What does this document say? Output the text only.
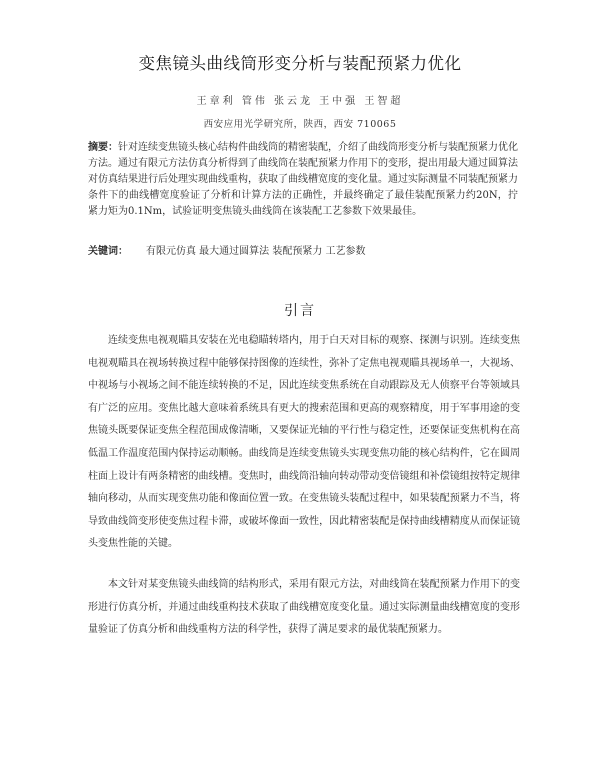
变焦镜头曲线筒形变分析与装配预紧力优化
王章利 管伟 张云龙 王中强 王智超
西安应用光学研究所，陕西，西安 710065
摘要：针对连续变焦镜头核心结构件曲线筒的精密装配，介绍了曲线筒形变分析与装配预紧力优化方法。通过有限元方法仿真分析得到了曲线筒在装配预紧力作用下的变形，提出用最大通过圆算法对仿真结果进行后处理实现曲线重构，获取了曲线槽宽度的变化量。通过实际测量不同装配预紧力条件下的曲线槽宽度验证了分析和计算方法的正确性，并最终确定了最佳装配预紧力约20N，拧紧力矩为0.1Nm，试验证明变焦镜头曲线筒在该装配工艺参数下效果最佳。
关键词： 有限元仿真 最大通过圆算法 装配预紧力 工艺参数
引言

连续变焦电视观瞄具安装在光电稳瞄转塔内，用于白天对目标的观察、探测与识别。连续变焦电视观瞄具在视场转换过程中能够保持图像的连续性，弥补了定焦电视观瞄具视场单一，大视场、中视场与小视场之间不能连续转换的不足，因此连续变焦系统在自动跟踪及无人侦察平台等领域具有广泛的应用。变焦比越大意味着系统具有更大的搜索范围和更高的观察精度，用于军事用途的变焦镜头既要保证变焦全程范围成像清晰，又要保证光轴的平行性与稳定性，还要保证变焦机构在高低温工作温度范围内保持运动顺畅。曲线筒是连续变焦镜头实现变焦功能的核心结构件，它在圆周柱面上设计有两条精密的曲线槽。变焦时，曲线筒沿轴向转动带动变倍镜组和补偿镜组按特定规律轴向移动，从而实现变焦功能和像面位置一致。在变焦镜头装配过程中，如果装配预紧力不当，将导致曲线筒变形使变焦过程卡滞，或破坏像面一致性，因此精密装配是保持曲线槽精度从而保证镜头变焦性能的关键。

本文针对某变焦镜头曲线筒的结构形式，采用有限元方法，对曲线筒在装配预紧力作用下的变形进行仿真分析，并通过曲线重构技术获取了曲线槽宽度变化量。通过实际测量曲线槽宽度的变形量验证了仿真分析和曲线重构方法的科学性，获得了满足要求的最优装配预紧力。
